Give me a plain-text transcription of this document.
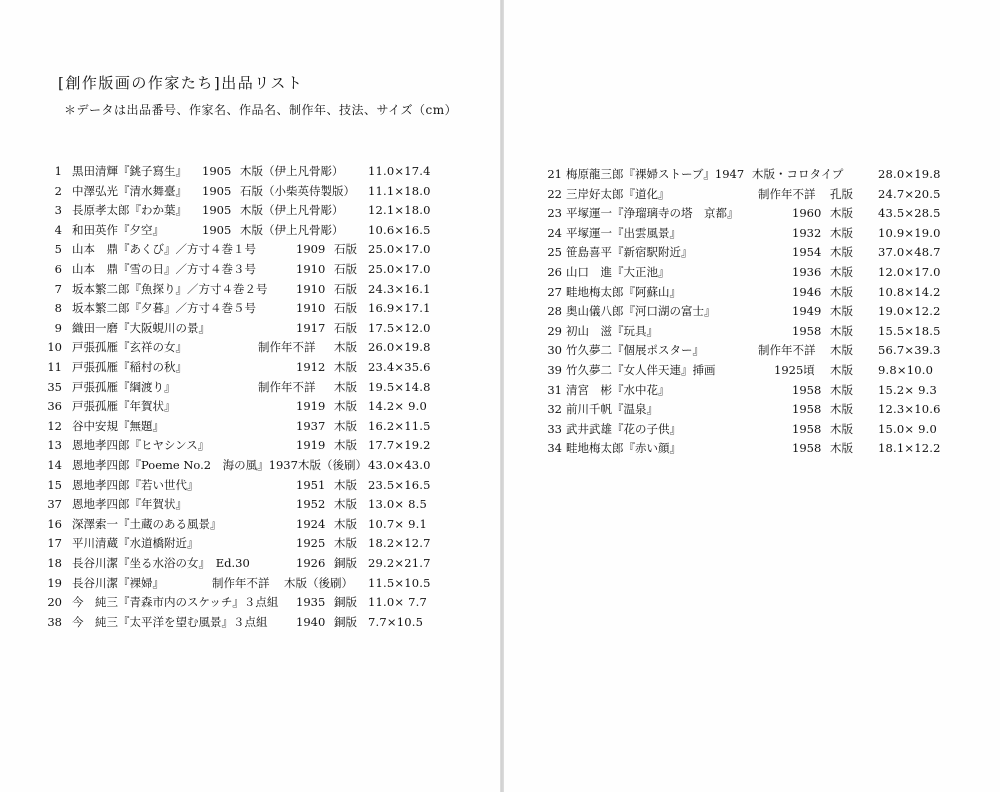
[創作版画の作家たち]出品リスト
＊データは出品番号、作家名、作品名、制作年、技法、サイズ（cm）
1 黒田清輝『銚子寫生』 1905 木版（伊上凡骨彫） 11.0×17.4
2 中澤弘光『清水舞臺』 1905 石版（小柴英侍製版） 11.1×18.0
3 長原孝太郎『わか葉』 1905 木版（伊上凡骨彫） 12.1×18.0
4 和田英作『夕空』	1905 木版（伊上凡骨彫） 10.6×16.5
5 山本　鼎『あくび』／方寸４巻１号	1909 石版 25.0×17.0
6 山本　鼎『雪の日』／方寸４巻３号	1910 石版 25.0×17.0
7 坂本繁二郎『魚探り』／方寸４巻２号 1910 石版 24.3×16.1
8 坂本繁二郎『夕暮』／方寸４巻５号	1910 石版 16.9×17.1
9 織田一磨『大阪蜆川の景』	1917 石版 17.5×12.0
10 戸張孤雁『玄祥の女』	制作年不詳 木版 26.0×19.8
11 戸張孤雁『稲村の秋』	1912 木版 23.4×35.6
35 戸張孤雁『綱渡り』	制作年不詳 木版 19.5×14.8
36 戸張孤雁『年賀状』	1919 木版 14.2× 9.0
12 谷中安規『無題』	1937 木版 16.2×11.5
13 恩地孝四郎『ヒヤシンス』	1919 木版 17.7×19.2
14 恩地孝四郎『Poeme No.2　海の風』1937 木版（後刷） 43.0×43.0
15 恩地孝四郎『若い世代』	1951 木版 23.5×16.5
37 恩地孝四郎『年賀状』	1952 木版 13.0× 8.5
16 深澤索一『土蔵のある風景』	1924 木版 10.7× 9.1
17 平川清蔵『水道橋附近』	1925 木版 18.2×12.7
18 長谷川潔『坐る水浴の女』　Ed.30	1926 銅版 29.2×21.7
19 長谷川潔『裸婦』	制作年不詳 木版（後刷） 11.5×10.5
20 今　純三『青森市内のスケッチ』３点組 1935 銅版 11.0× 7.7
38 今　純三『太平洋を望む風景』３点組 1940 銅版 7.7×10.5
21 梅原龍三郎『裸婦ストーブ』1947 木版・コロタイプ	28.0×19.8
22 三岸好太郎『道化』	制作年不詳 孔版 24.7×20.5
23 平塚運一『浄瑠璃寺の塔　京都』	1960 木版 43.5×28.5
24 平塚運一『出雲風景』	1932 木版 10.9×19.0
25 笹島喜平『新宿駅附近』	1954 木版 37.0×48.7
26 山口　進『大正池』	1936 木版 12.0×17.0
27 畦地梅太郎『阿蘇山』	1946 木版 10.8×14.2
28 奥山儀八郎『河口湖の富士』	1949 木版 19.0×12.2
29 初山　滋『玩具』	1958 木版 15.5×18.5
30 竹久夢二『個展ポスター』	制作年不詳 木版 56.7×39.3
39 竹久夢二『女人伴天連』挿画	1925頃 木版 9.8×10.0
31 清宮　彬『水中花』	1958 木版 15.2× 9.3
32 前川千帆『温泉』	1958 木版 12.3×10.6
33 武井武雄『花の子供』	1958 木版 15.0× 9.0
34 畦地梅太郎『赤い顔』	1958 木版 18.1×12.2
